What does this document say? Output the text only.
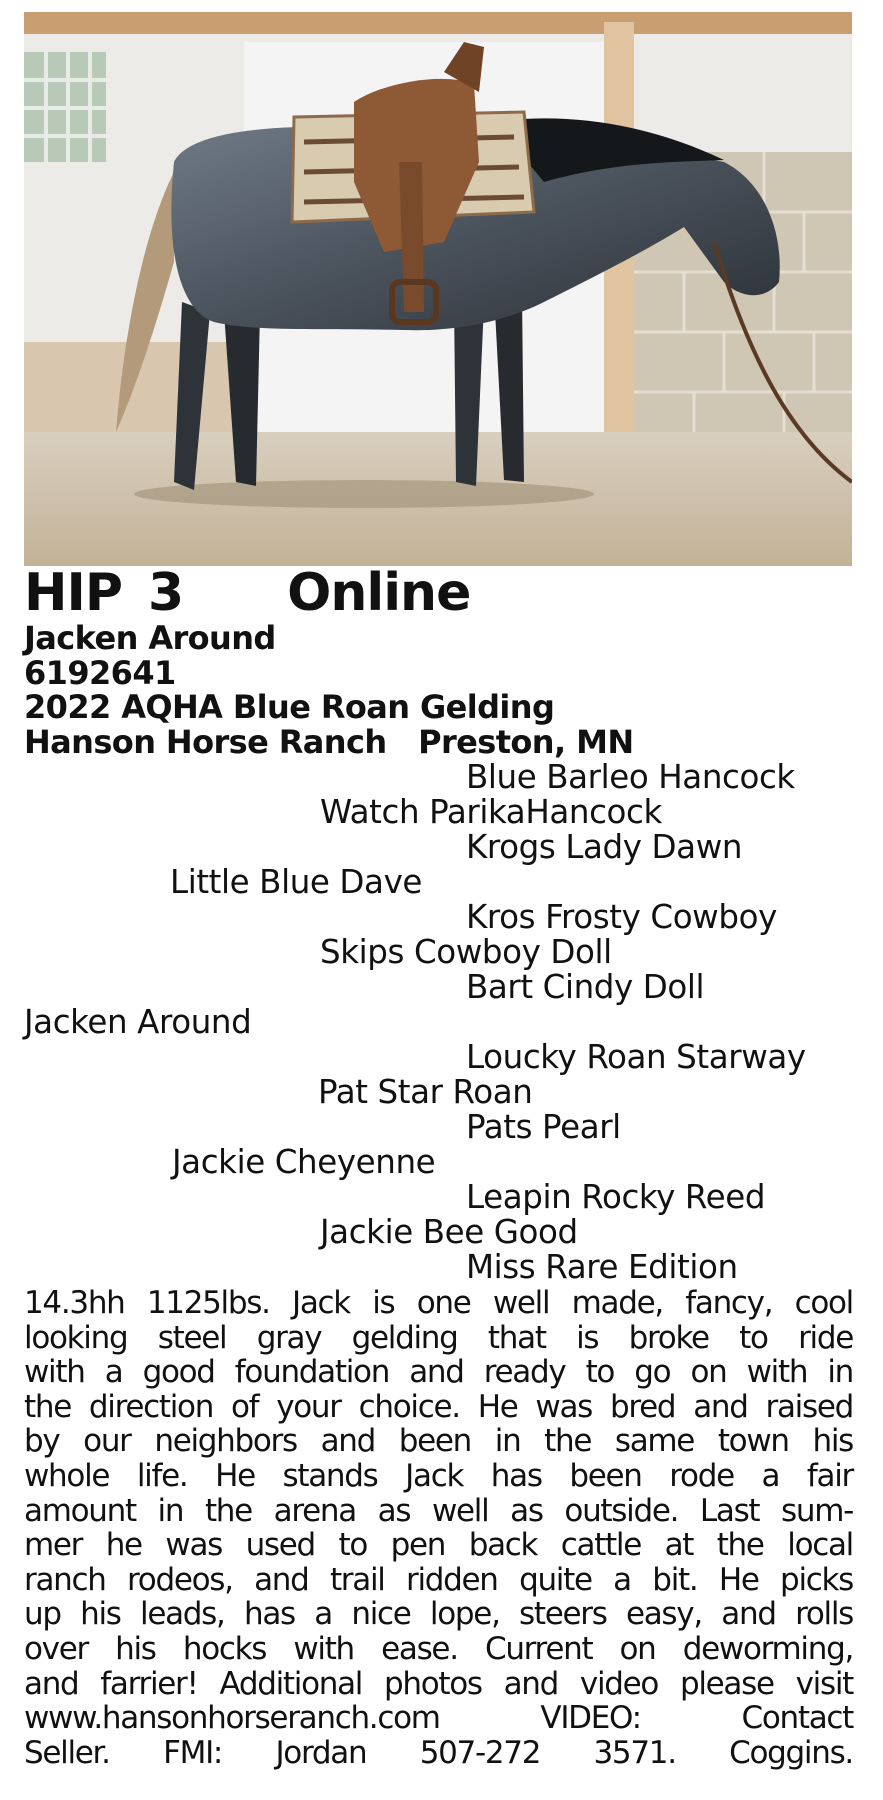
HIP 3 Online
Jacken Around
6192641
2022 AQHA Blue Roan Gelding
Hanson Horse Ranch   Preston, MN
Blue Barleo Hancock
Watch ParikaHancock
Krogs Lady Dawn
Little Blue Dave
Kros Frosty Cowboy
Skips Cowboy Doll
Bart Cindy Doll
Jacken Around
Loucky Roan Starway
Pat Star Roan
Pats Pearl
Jackie Cheyenne
Leapin Rocky Reed
Jackie Bee Good
Miss Rare Edition
14.3hh 1125lbs. Jack is one well made, fancy, cool
looking steel gray gelding that is broke to ride
with a good foundation and ready to go on with in
the direction of your choice. He was bred and raised
by our neighbors and been in the same town his
whole life. He stands Jack has been rode a fair
amount in the arena as well as outside. Last sum-
mer he was used to pen back cattle at the local
ranch rodeos, and trail ridden quite a bit. He picks
up his leads, has a nice lope, steers easy, and rolls
over his hocks with ease. Current on deworming,
and farrier! Additional photos and video please visit
www.hansonhorseranch.com VIDEO: Contact
Seller. FMI: Jordan 507-272 3571. Coggins.
